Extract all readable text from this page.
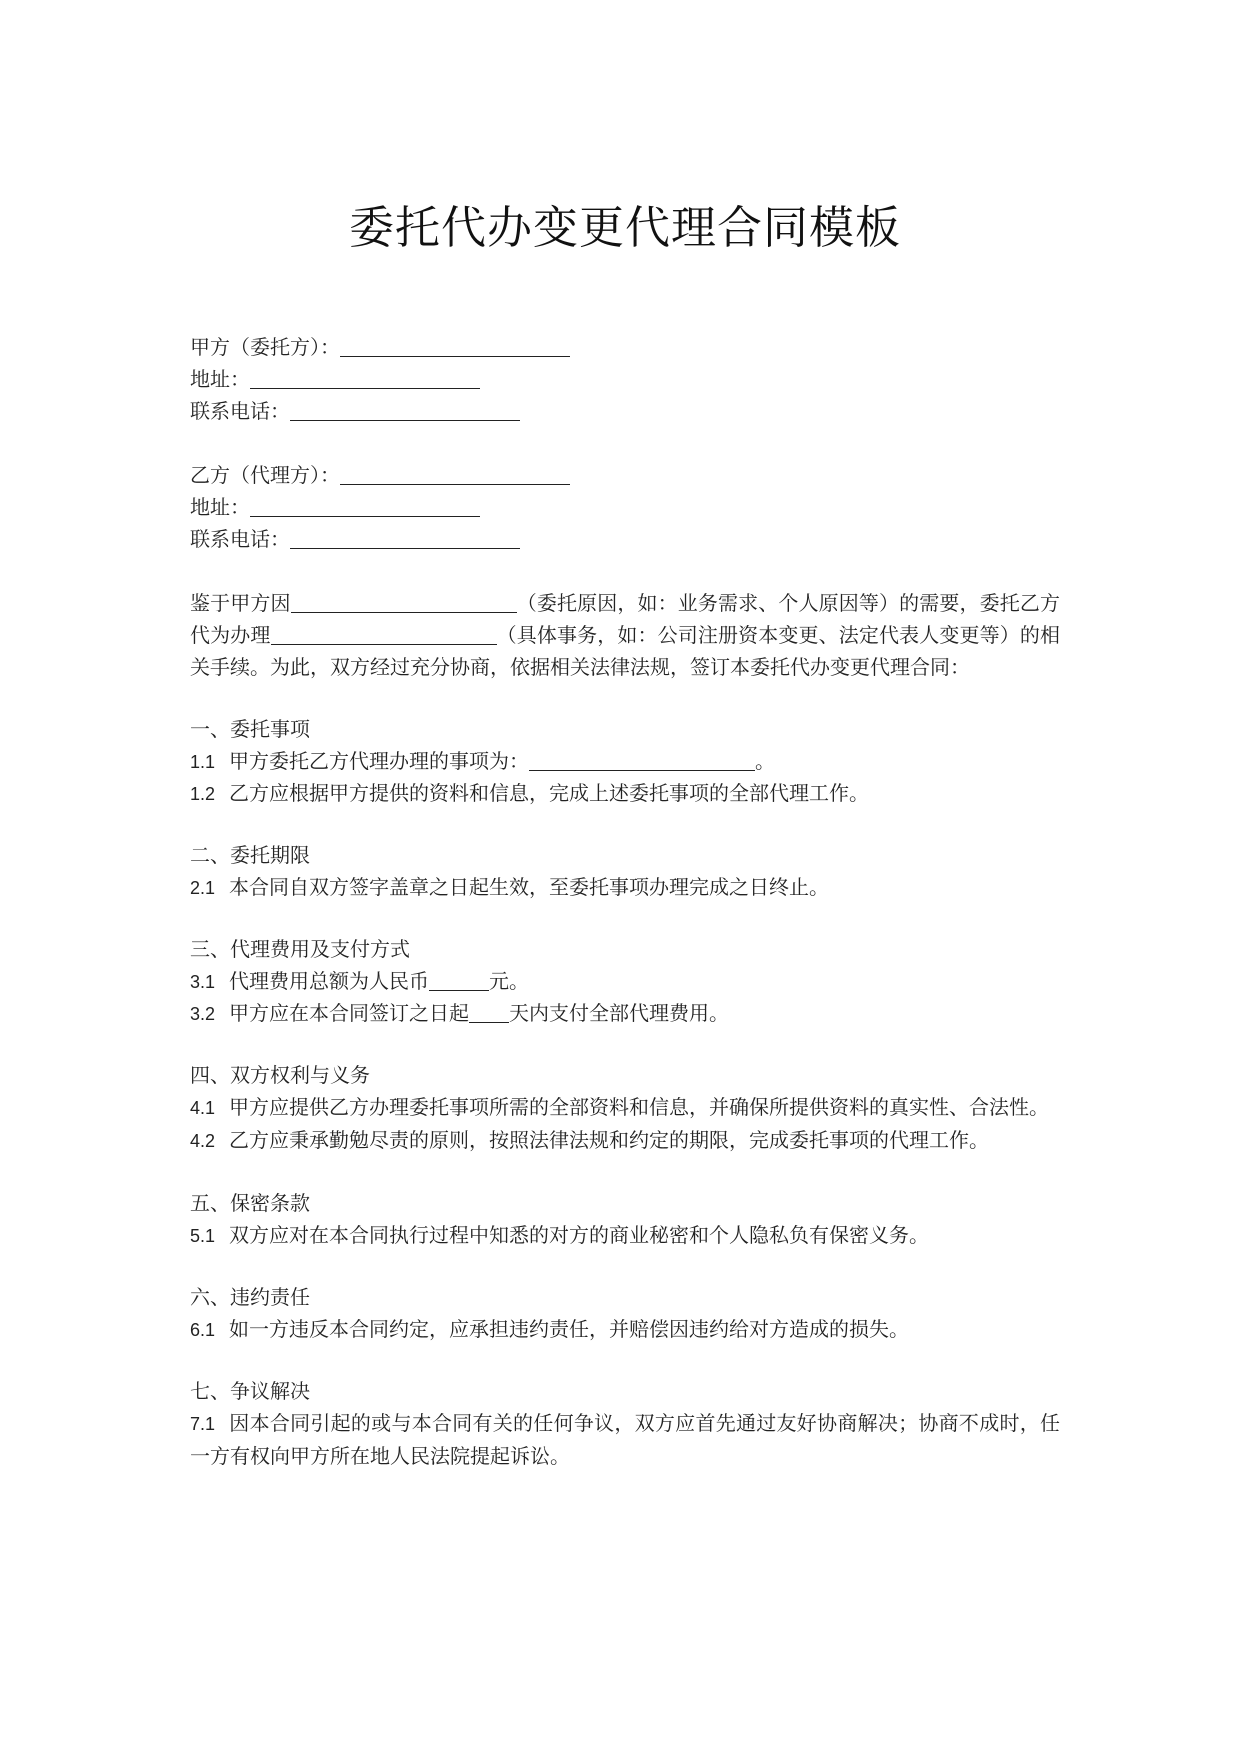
委托代办变更代理合同模板
甲方（委托方）：
地址：
联系电话：
乙方（代理方）：
地址：
联系电话：
鉴于甲方因	（委托原因，如：业务需求、个人原因等）的需要，委托乙方代为办理	（具体事务，如：公司注册资本变更、法定代表人变更等）的相关手续。为此，双方经过充分协商，依据相关法律法规，签订本委托代办变更代理合同：
一、委托事项
1.1 甲方委托乙方代理办理的事项为：	。
1.2 乙方应根据甲方提供的资料和信息，完成上述委托事项的全部代理工作。
二、委托期限
2.1 本合同自双方签字盖章之日起生效，至委托事项办理完成之日终止。
三、代理费用及支付方式
3.1 代理费用总额为人民币	元。
3.2 甲方应在本合同签订之日起 天内支付全部代理费用。
四、双方权利与义务
4.1 甲方应提供乙方办理委托事项所需的全部资料和信息，并确保所提供资料的真实性、合法性。
4.2 乙方应秉承勤勉尽责的原则，按照法律法规和约定的期限，完成委托事项的代理工作。
五、保密条款
5.1 双方应对在本合同执行过程中知悉的对方的商业秘密和个人隐私负有保密义务。
六、违约责任
6.1 如一方违反本合同约定，应承担违约责任，并赔偿因违约给对方造成的损失。
七、争议解决
7.1 因本合同引起的或与本合同有关的任何争议，双方应首先通过友好协商解决；协商不成时，任一方有权向甲方所在地人民法院提起诉讼。
